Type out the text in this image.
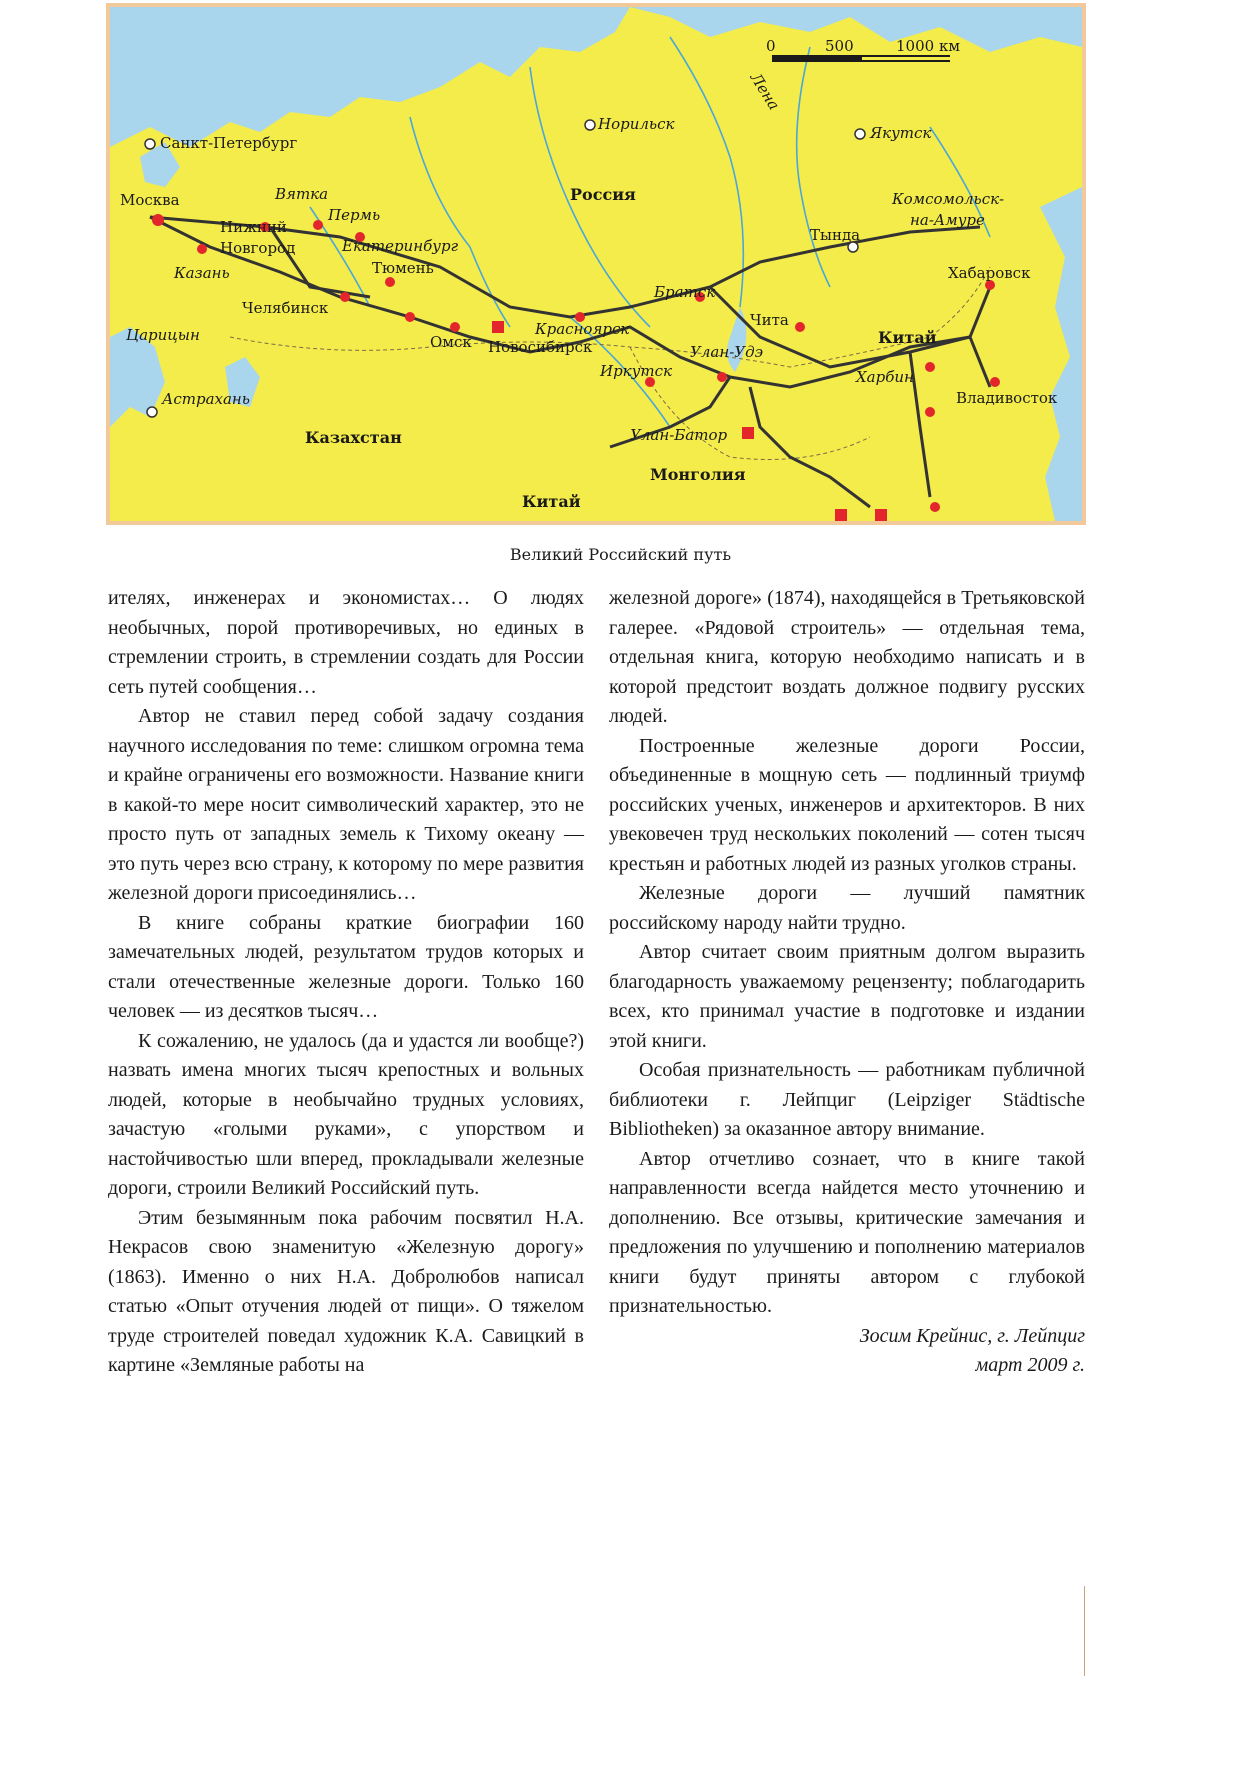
0	500	1000 км
Лена
Россия
Казахстан
Монголия
Китай
Китай
Санкт-Петербург
Москва	Вятка
Нижний
Новгород
Казань
Пермь
Екатеринбург
Тюмень
Челябинск
Царицын
Астрахань
Омск Новосибирск
Красноярск
Братск
Иркутск
Улан-Удэ
Чита
Улан-Батор
Норильск	Якутск
Тында
Комсомольск-
на-Амуре
Хабаровск
Харбин
Владивосток
Великий Российский путь

ителях, инженерах и экономистах… О людях необычных, порой противоречивых, но единых в стремлении строить, в стремлении создать для России сеть путей сообщения…

Автор не ставил перед собой задачу создания научного исследования по теме: слишком огромна тема и крайне ограничены его возможности. Название книги в какой-то мере носит символический характер, это не просто путь от западных земель к Тихому океану — это путь через всю страну, к которому по мере развития железной дороги присоединялись…

В книге собраны краткие биографии 160 замечательных людей, результатом трудов которых и стали отечественные железные дороги. Только 160 человек — из десятков тысяч…

К сожалению, не удалось (да и удастся ли вообще?) назвать имена многих тысяч крепостных и вольных людей, которые в необычайно трудных условиях, зачастую «голыми руками», с упорством и настойчивостью шли вперед, прокладывали железные дороги, строили Великий Российский путь.

Этим безымянным пока рабочим посвятил Н.А. Некрасов свою знаменитую «Железную дорогу» (1863). Именно о них Н.А. Добролюбов написал статью «Опыт отучения людей от пищи». О тяжелом труде строителей поведал художник К.А. Савицкий в картине «Земляные работы на

железной дороге» (1874), находящейся в Третьяковской галерее. «Рядовой строитель» — отдельная тема, отдельная книга, которую необходимо написать и в которой предстоит воздать должное подвигу русских людей.

Построенные железные дороги России, объединенные в мощную сеть — подлинный триумф российских ученых, инженеров и архитекторов. В них увековечен труд нескольких поколений — сотен тысяч крестьян и работных людей из разных уголков страны.

Железные дороги — лучший памятник российскому народу найти трудно.

Автор считает своим приятным долгом выразить благодарность уважаемому рецензенту; поблагодарить всех, кто принимал участие в подготовке и издании этой книги.

Особая признательность — работникам публичной библиотеки г. Лейпциг (Leipziger Städtische Bibliotheken) за оказанное автору внимание.

Автор отчетливо сознает, что в книге такой направленности всегда найдется место уточнению и дополнению. Все отзывы, критические замечания и предложения по улучшению и пополнению материалов книги будут приняты автором с глубокой признательностью.

Зосим Крейнис, г. Лейпциг

март 2009 г.
